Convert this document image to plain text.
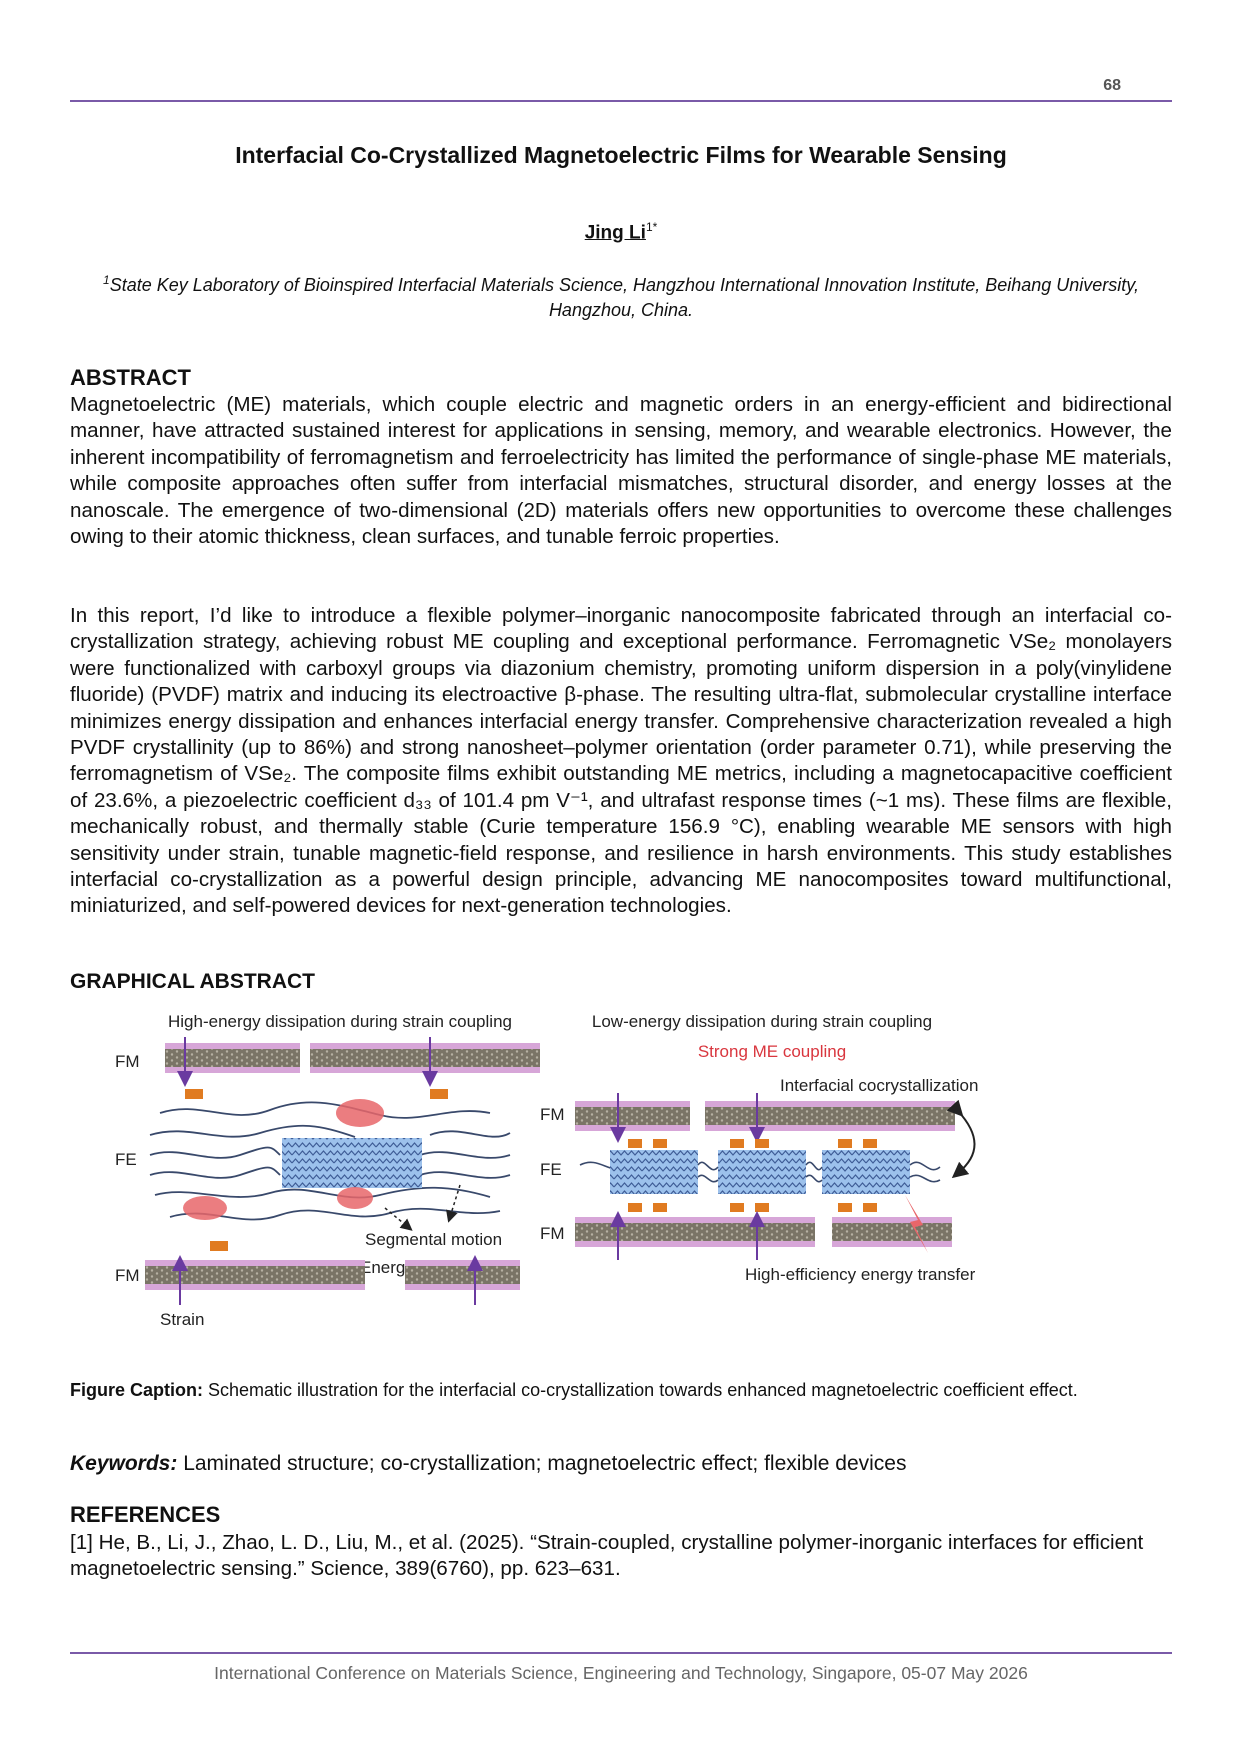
68
Interfacial Co-Crystallized Magnetoelectric Films for Wearable Sensing
Jing $Li^{1*}$
$^1$State Key Laboratory of Bioinspired Interfacial Materials Science, Hangzhou International Innovation Institute, Beihang University, Hangzhou, China.
ABSTRACT
Magnetoelectric (ME) materials, which couple electric and magnetic orders in an energy-efficient and bidirectional manner, have attracted sustained interest for applications in sensing, memory, and wearable electronics. However, the inherent incompatibility of ferromagnetism and ferroelectricity has limited the performance of single-phase ME materials, while composite approaches often suffer from interfacial mismatches, structural disorder, and energy losses at the nanoscale. The emergence of two-dimensional (2D) materials offers new opportunities to overcome these challenges owing to their atomic thickness, clean surfaces, and tunable ferroic properties.
In this report, I’d like to introduce a flexible polymer–inorganic nanocomposite fabricated through an interfacial co-crystallization strategy, achieving robust ME coupling and exceptional performance. Ferromagnetic VSe₂ monolayers were functionalized with carboxyl groups via diazonium chemistry, promoting uniform dispersion in a poly(vinylidene fluoride) (PVDF) matrix and inducing its electroactive β-phase. The resulting ultra-flat, submolecular crystalline interface minimizes energy dissipation and enhances interfacial energy transfer. Comprehensive characterization revealed a high PVDF crystallinity (up to 86%) and strong nanosheet–polymer orientation (order parameter 0.71), while preserving the ferromagnetism of VSe₂. The composite films exhibit outstanding ME metrics, including a magnetocapacitive coefficient of 23.6%, a piezoelectric coefficient d₃₃ of 101.4 pm V⁻¹, and ultrafast response times (~1 ms). These films are flexible, mechanically robust, and thermally stable (Curie temperature 156.9 °C), enabling wearable ME sensors with high sensitivity under strain, tunable magnetic-field response, and resilience in harsh environments. This study establishes interfacial co-crystallization as a powerful design principle, advancing ME nanocomposites toward multifunctional, miniaturized, and self-powered devices for next-generation technologies.
GRAPHICAL ABSTRACT
High-energy dissipation during strain coupling
FM
FE
Segmental motion
Energy
FM
Strain
Low-energy dissipation during strain coupling
Strong ME coupling
Interfacial cocrystallization
FM
FE
FM
High-efficiency energy transfer
Figure Caption: Schematic illustration for the interfacial co-crystallization towards enhanced magnetoelectric coefficient effect.
Keywords: Laminated structure; co-crystallization; magnetoelectric effect; flexible devices
REFERENCES
[1] He, B., Li, J., Zhao, L. D., Liu, M., et al. (2025). “Strain-coupled, crystalline polymer-inorganic interfaces for efficient magnetoelectric sensing.” Science, 389(6760), pp. 623–631.
International Conference on Materials Science, Engineering and Technology, Singapore, 05-07 May 2026
